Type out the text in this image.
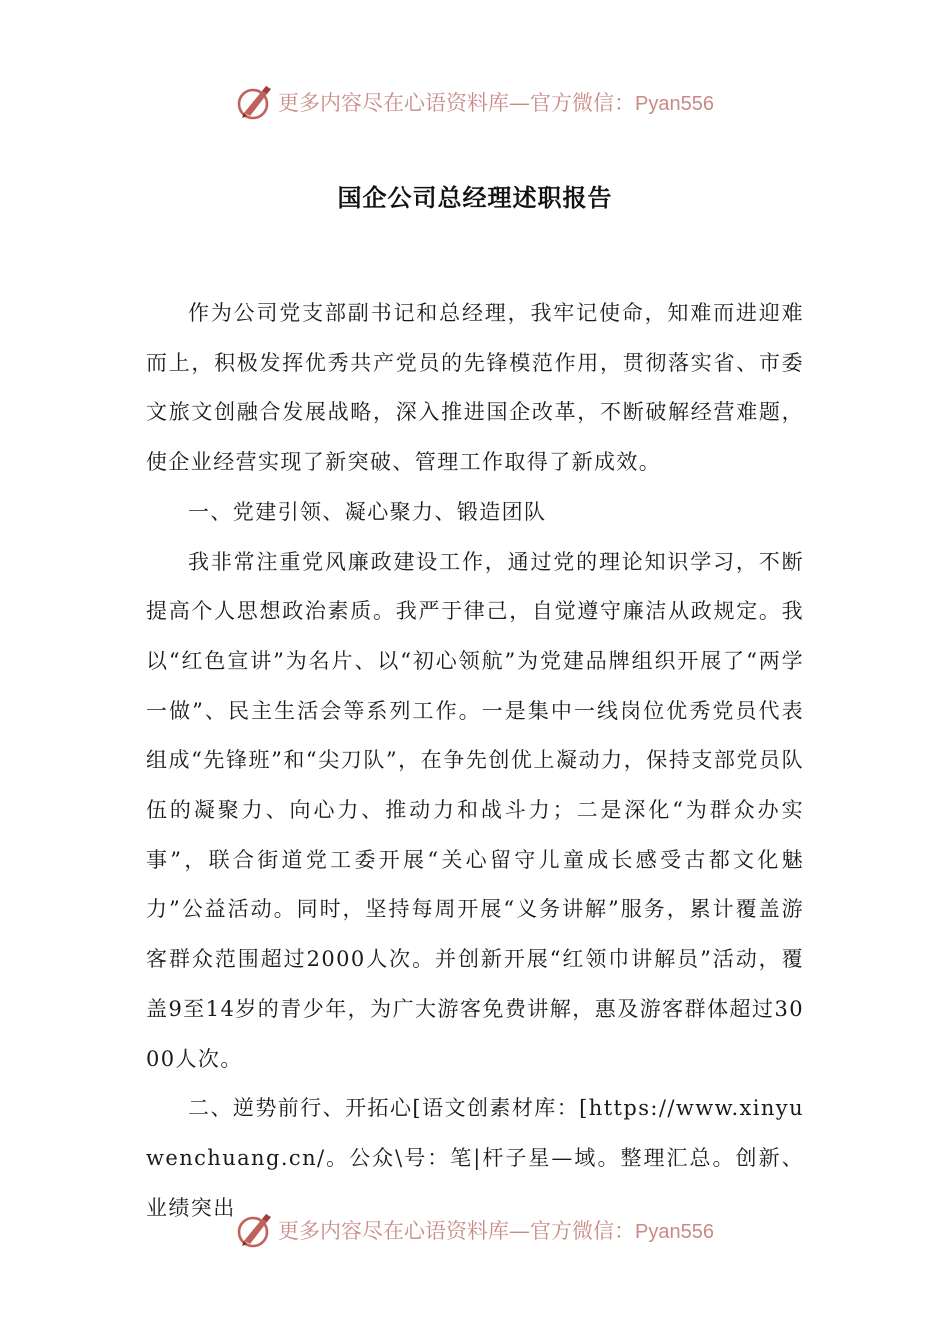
更多内容尽在心语资料库—官方微信：Pyan556
国企公司总经理述职报告

作为公司党支部副书记和总经理，我牢记使命，知难而进迎难而上，积极发挥优秀共产党员的先锋模范作用，贯彻落实省、市委文旅文创融合发展战略，深入推进国企改革，不断破解经营难题，使企业经营实现了新突破、管理工作取得了新成效。

一、党建引领、凝心聚力、锻造团队

我非常注重党风廉政建设工作，通过党的理论知识学习，不断提高个人思想政治素质。我严于律己，自觉遵守廉洁从政规定。我以“红色宣讲”为名片、以“初心领航”为党建品牌组织开展了“两学一做”、民主生活会等系列工作。一是集中一线岗位优秀党员代表组成“先锋班”和“尖刀队”，在争先创优上凝动力，保持支部党员队伍的凝聚力、向心力、推动力和战斗力；二是深化“为群众办实事”，联合街道党工委开展“关心留守儿童成长感受古都文化魅力”公益活动。同时，坚持每周开展“义务讲解”服务，累计覆盖游客群众范围超过2000人次。并创新开展“红领巾讲解员”活动，覆盖9至14岁的青少年，为广大游客免费讲解，惠及游客群体超过3000人次。

二、逆势前行、开拓心[语文创素材库：[https://www.xinyuwenchuang.cn/。公众\号：笔|杆子星—域。整理汇总。创新、业绩突出

更多内容尽在心语资料库—官方微信：Pyan556
